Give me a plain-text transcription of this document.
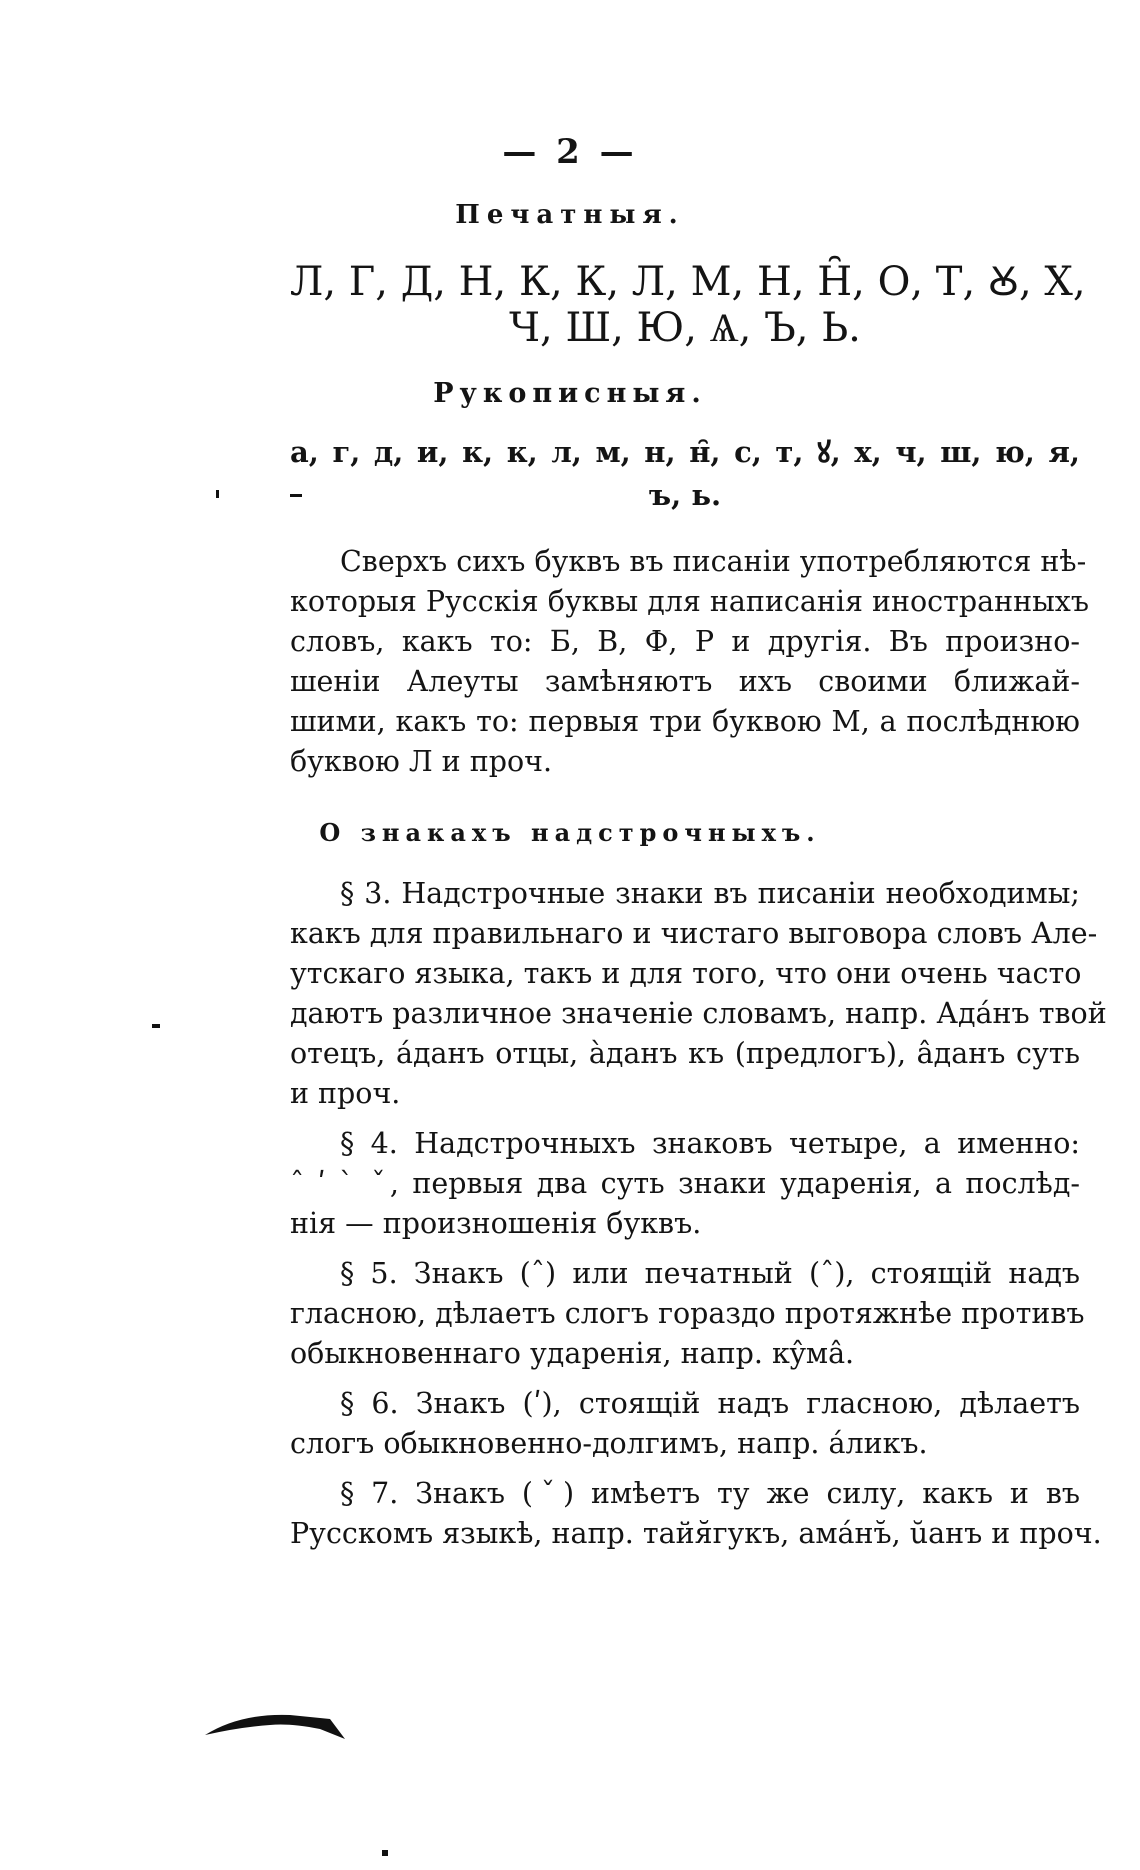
— 2 —
Печатныя.
Л, Г, Д, Н, К, К, Л, М, Н, Н̑, О, Т, Ꙋ, Х,
Ч, Ш, Ю, Ѧ, Ъ, Ь.
Рукописныя.
а, г, д, и, к, к, л, м, н, н̑, с, т, ꙋ, х, ч, ш, ю, я,
ъ, ь.
Сверхъ сихъ буквъ въ писаніи употребляются нѣ-
которыя Русскія буквы для написанія иностранныхъ
словъ, какъ то: Б, В, Ф, Р и другія. Въ произно-
шеніи Алеуты замѣняютъ ихъ своими ближай-
шими, какъ то: первыя три буквою М, а послѣднюю
буквою Л и проч.
О знакахъ надстрочныхъ.
§ 3. Надстрочные знаки въ писаніи необходимы;
какъ для правильнаго и чистаго выговора словъ Але-
утскаго языка, такъ и для того, что они очень часто
даютъ различное значеніе словамъ, напр. Ада́нъ твой
отецъ, а́данъ отцы, а̀данъ къ (предлогъ), а̂данъ суть
и проч.
§ 4. Надстрочныхъ знаковъ четыре, а именно:
ˆ ʹ ˋ ˇ, первыя два суть знаки ударенія, а послѣд-
нія — произношенія буквъ.
§ 5. Знакъ (ˆ) или печатный (ˆ), стоящій надъ
гласною, дѣлаетъ слогъ гораздо протяжнѣе противъ
обыкновеннаго ударенія, напр. кŷмâ.
§ 6. Знакъ (ʹ), стоящій надъ гласною, дѣлаетъ
слогъ обыкновенно-долгимъ, напр. а́ликъ.
§ 7. Знакъ (ˇ) имѣетъ ту же силу, какъ и въ
Русскомъ языкѣ, напр. тайя̆гукъ, ама́нъ̆, ŭанъ и проч.
